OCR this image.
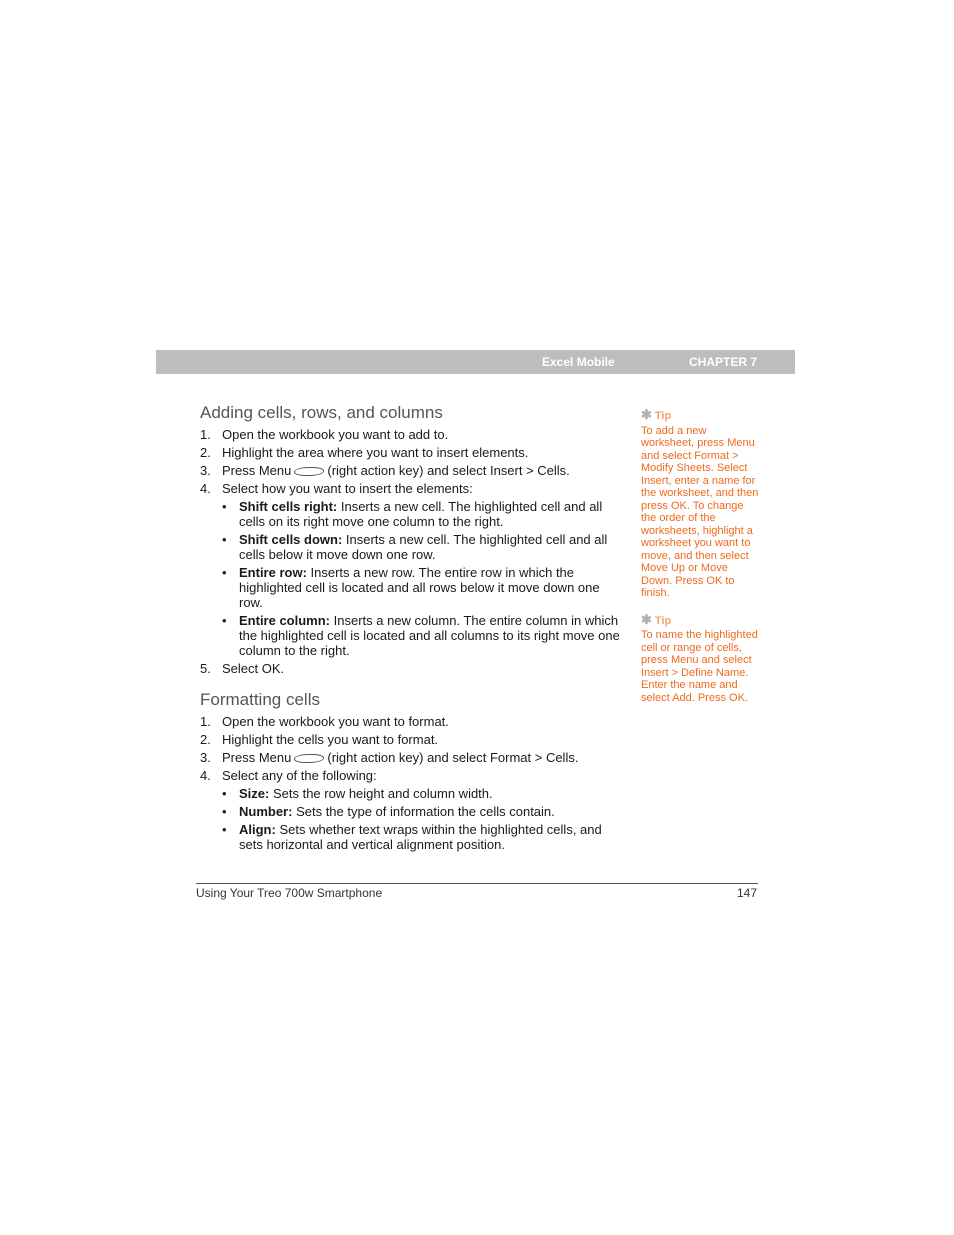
Excel Mobile	CHAPTER 7
Adding cells, rows, and columns
1. Open the workbook you want to add to.
2. Highlight the area where you want to insert elements.
3. Press Menu	(right action key) and select Insert > Cells.
4. Select how you want to insert the elements:
• Shift cells right: Inserts a new cell. The highlighted cell and all cells on its right move one column to the right.
• Shift cells down: Inserts a new cell. The highlighted cell and all cells below it move down one row.
• Entire row: Inserts a new row. The entire row in which the highlighted cell is located and all rows below it move down one row.
• Entire column: Inserts a new column. The entire column in which the highlighted cell is located and all columns to its right move one column to the right.
5. Select OK.
Formatting cells
1. Open the workbook you want to format.
2. Highlight the cells you want to format.
3. Press Menu	(right action key) and select Format > Cells.
4. Select any of the following:
• Size: Sets the row height and column width.
• Number: Sets the type of information the cells contain.
• Align: Sets whether text wraps within the highlighted cells, and sets horizontal and vertical alignment position.
✱ Tip
To add a new worksheet, press Menu and select Format > Modify Sheets. Select Insert, enter a name for the worksheet, and then press OK. To change the order of the worksheets, highlight a worksheet you want to move, and then select Move Up or Move Down. Press OK to finish.
✱ Tip
To name the highlighted cell or range of cells, press Menu and select Insert > Define Name. Enter the name and select Add. Press OK.
Using Your Treo 700w Smartphone	147
